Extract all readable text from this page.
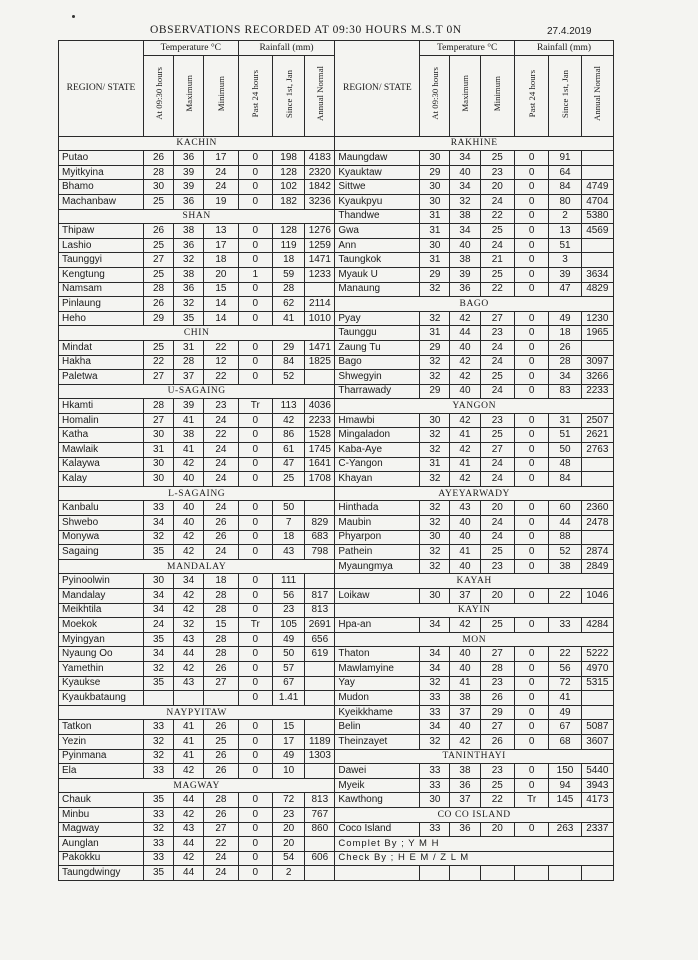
OBSERVATIONS RECORDED AT 09:30 HOURS M.S.T 0N	27.4.2019
REGION/ STATE	Temperature °C			Rainfall (mm)			REGION/ STATE	Temperature °C			Rainfall (mm)		
	At 09:30 hours	Maximum	Minimum	Past 24 hours	Since 1st, Jan	Annual Normal		At 09:30 hours	Maximum	Minimum	Past 24 hours	Since 1st, Jan	Annual Normal
KACHIN							RAKHINE						
Putao	26	36	17	0	198	4183	Maungdaw	30	34	25	0	91	
Myitkyina	28	39	24	0	128	2320	Kyauktaw	29	40	23	0	64	
Bhamo	30	39	24	0	102	1842	Sittwe	30	34	20	0	84	4749
Machanbaw	25	36	19	0	182	3236	Kyaukpyu	30	32	24	0	80	4704
SHAN							Thandwe	31	38	22	0	2	5380
Thipaw	26	38	13	0	128	1276	Gwa	31	34	25	0	13	4569
Lashio	25	36	17	0	119	1259	Ann	30	40	24	0	51	
Taunggyi	27	32	18	0	18	1471	Taungkok	31	38	21	0	3	
Kengtung	25	38	20	1	59	1233	Myauk U	29	39	25	0	39	3634
Namsam	28	36	15	0	28		Manaung	32	36	22	0	47	4829
Pinlaung	26	32	14	0	62	2114	BAGO						
Heho	29	35	14	0	41	1010	Pyay	32	42	27	0	49	1230
CHIN							Taunggu	31	44	23	0	18	1965
Mindat	25	31	22	0	29	1471	Zaung Tu	29	40	24	0	26	
Hakha	22	28	12	0	84	1825	Bago	32	42	24	0	28	3097
Paletwa	27	37	22	0	52		Shwegyin	32	42	25	0	34	3266
U-SAGAING							Tharrawady	29	40	24	0	83	2233
Hkamti	28	39	23	Tr	113	4036	YANGON						
Homalin	27	41	24	0	42	2233	Hmawbi	30	42	23	0	31	2507
Katha	30	38	22	0	86	1528	Mingaladon	32	41	25	0	51	2621
Mawlaik	31	41	24	0	61	1745	Kaba-Aye	32	42	27	0	50	2763
Kalaywa	30	42	24	0	47	1641	C-Yangon	31	41	24	0	48	
Kalay	30	40	24	0	25	1708	Khayan	32	42	24	0	84	
L-SAGAING							AYEYARWADY						
Kanbalu	33	40	24	0	50		Hinthada	32	43	20	0	60	2360
Shwebo	34	40	26	0	7	829	Maubin	32	40	24	0	44	2478
Monywa	32	42	26	0	18	683	Phyarpon	30	40	24	0	88	
Sagaing	35	42	24	0	43	798	Pathein	32	41	25	0	52	2874
MANDALAY							Myaungmya	32	40	23	0	38	2849
Pyinoolwin	30	34	18	0	111		KAYAH						
Mandalay	34	42	28	0	56	817	Loikaw	30	37	20	0	22	1046
Meikhtila	34	42	28	0	23	813	KAYIN						
Moekok	24	32	15	Tr	105	2691	Hpa-an	34	42	25	0	33	4284
Myingyan	35	43	28	0	49	656	MON						
Nyaung Oo	34	44	28	0	50	619	Thaton	34	40	27	0	22	5222
Yamethin	32	42	26	0	57		Mawlamyine	34	40	28	0	56	4970
Kyaukse	35	43	27	0	67		Yay	32	41	23	0	72	5315
Kyaukbataung				0	1.41		Mudon	33	38	26	0	41	
NAYPYITAW							Kyeikkhame	33	37	29	0	49	
Tatkon	33	41	26	0	15		Belin	34	40	27	0	67	5087
Yezin	32	41	25	0	17	1189	Theinzayet	32	42	26	0	68	3607
Pyinmana	32	41	26	0	49	1303	TANINTHAYI						
Ela	33	42	26	0	10		Dawei	33	38	23	0	150	5440
MAGWAY							Myeik	33	36	25	0	94	3943
Chauk	35	44	28	0	72	813	Kawthong	30	37	22	Tr	145	4173
Minbu	33	42	26	0	23	767	CO CO ISLAND						
Magway	32	43	27	0	20	860	Coco Island	33	36	20	0	263	2337
Aunglan	33	44	22	0	20		Complet By ; Y M H						
Pakokku	33	42	24	0	54	606	Check By ; H E M / Z L M						
Taungdwingy	35	44	24	0	2								
